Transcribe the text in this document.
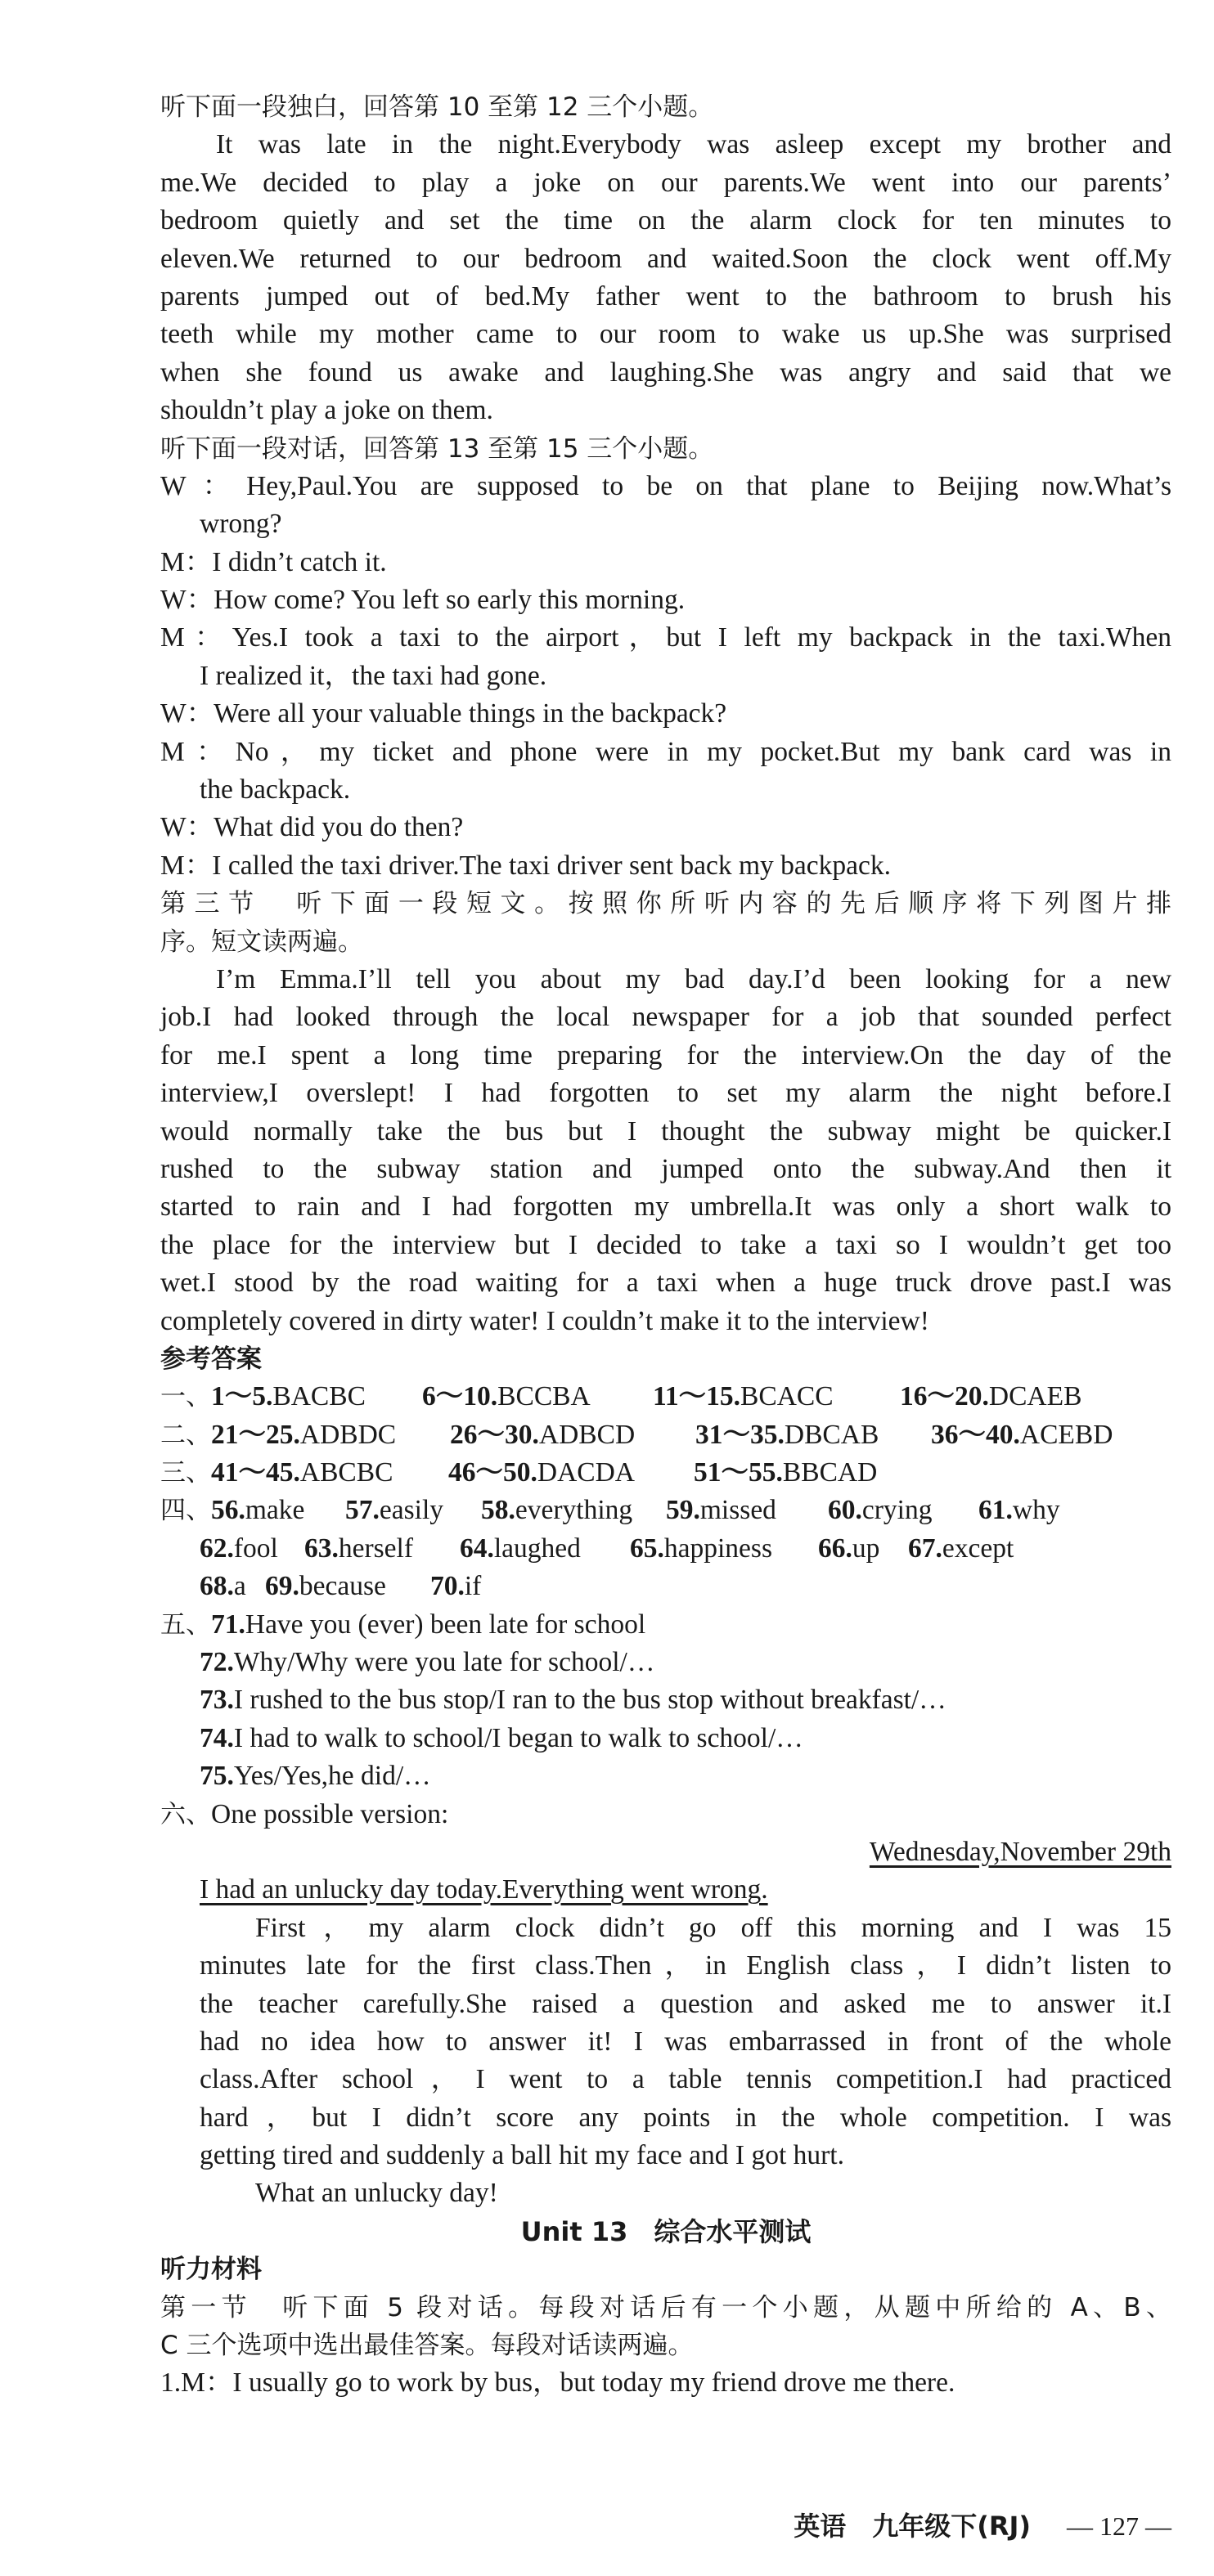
听下面一段独白，回答第 10 至第 12 三个小题。
It was late in the night.Everybody was asleep except my brother and
me.We decided to play a joke on our parents.We went into our parents’
bedroom quietly and set the time on the alarm clock for ten minutes to
eleven.We returned to our bedroom and waited.Soon the clock went off.My
parents jumped out of bed.My father went to the bathroom to brush his
teeth while my mother came to our room to wake us up.She was surprised
when she found us awake and laughing.She was angry and said that we
shouldn’t play a joke on them.
听下面一段对话，回答第 13 至第 15 三个小题。
W：Hey,Paul.You are supposed to be on that plane to Beijing now.What’s
wrong?
M：I didn’t catch it.
W：How come? You left so early this morning.
M：Yes.I took a taxi to the airport，but I left my backpack in the taxi.When
I realized it，the taxi had gone.
W：Were all your valuable things in the backpack?
M：No，my ticket and phone were in my pocket.But my bank card was in
the backpack.
W：What did you do then?
M：I called the taxi driver.The taxi driver sent back my backpack.
第三节　听下面一段短文。按照你所听内容的先后顺序将下列图片排
序。短文读两遍。
I’m Emma.I’ll tell you about my bad day.I’d been looking for a new
job.I had looked through the local newspaper for a job that sounded perfect
for me.I spent a long time preparing for the interview.On the day of the
interview,I overslept! I had forgotten to set my alarm the night before.I
would normally take the bus but I thought the subway might be quicker.I
rushed to the subway station and jumped onto the subway.And then it
started to rain and I had forgotten my umbrella.It was only a short walk to
the place for the interview but I decided to take a taxi so I wouldn’t get too
wet.I stood by the road waiting for a taxi when a huge truck drove past.I was
completely covered in dirty water! I couldn’t make it to the interview!
参考答案
一、1～5.BACBC 6～10.BCCBA 11～15.BCACC 16～20.DCAEB
二、21～25.ADBDC 26～30.ADBCD 31～35.DBCAB 36～40.ACEBD
三、41～45.ABCBC 46～50.DACDA 51～55.BBCAD
四、56.make 57.easily 58.everything 59.missed 60.crying 61.why
62.fool 63.herself 64.laughed 65.happiness 66.up 67.except
68.a 69.because 70.if
五、71.Have you (ever) been late for school
72.Why/Why were you late for school/…
73.I rushed to the bus stop/I ran to the bus stop without breakfast/…
74.I had to walk to school/I began to walk to school/…
75.Yes/Yes,he did/…
六、One possible version:
Wednesday,November 29th
I had an unlucky day today.Everything went wrong.
First，my alarm clock didn’t go off this morning and I was 15
minutes late for the first class.Then，in English class，I didn’t listen to
the teacher carefully.She raised a question and asked me to answer it.I
had no idea how to answer it! I was embarrassed in front of the whole
class.After school，I went to a table tennis competition.I had practiced
hard，but I didn’t score any points in the whole competition. I was
getting tired and suddenly a ball hit my face and I got hurt.
What an unlucky day!
Unit 13　综合水平测试
听力材料
第一节　听下面 5 段对话。每段对话后有一个小题，从题中所给的 A、B、
C 三个选项中选出最佳答案。每段对话读两遍。
1.M：I usually go to work by bus，but today my friend drove me there.
英语　九年级下(RJ) — 127 —
